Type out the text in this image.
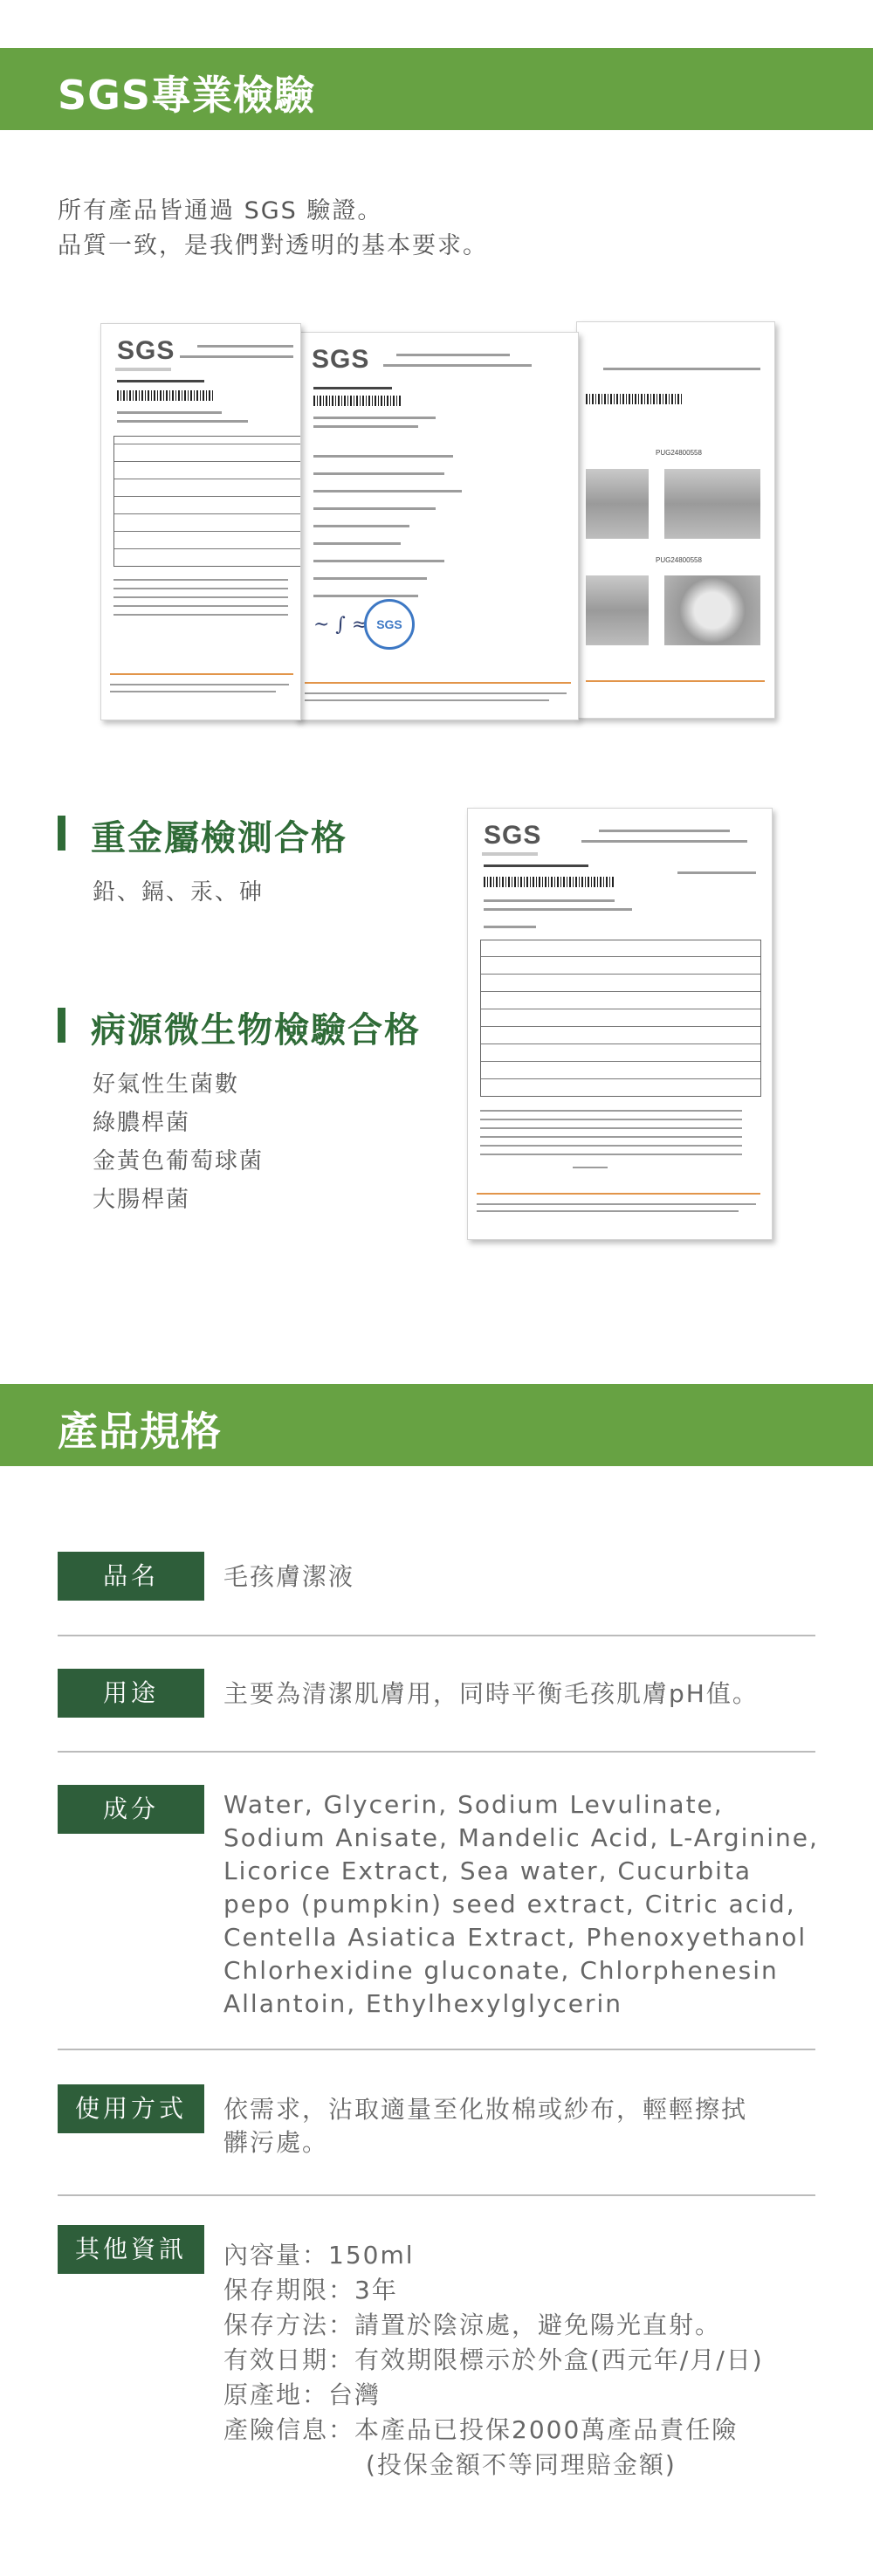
SGS專業檢驗
所有產品皆通過 SGS 驗證。
品質一致，是我們對透明的基本要求。
PUG24800558
PUG24800558
SGS
~ ∫ ≈ SGS
SGS
重金屬檢測合格
鉛、鎘、汞、砷
病源微生物檢驗合格
好氣性生菌數
綠膿桿菌
金黃色葡萄球菌
大腸桿菌
SGS
產品規格
品名	毛孩膚潔液
用途	主要為清潔肌膚用，同時平衡毛孩肌膚pH值。
成分	Water, Glycerin, Sodium Levulinate,
Sodium Anisate, Mandelic Acid, L-Arginine,
Licorice Extract, Sea water, Cucurbita
pepo (pumpkin) seed extract, Citric acid,
Centella Asiatica Extract, Phenoxyethanol
Chlorhexidine gluconate, Chlorphenesin
Allantoin, Ethylhexylglycerin
使用方式	依需求，沾取適量至化妝棉或紗布，輕輕擦拭
髒污處。
其他資訊	內容量：150ml
保存期限：3年
保存方法：請置於陰涼處，避免陽光直射。
有效日期：有效期限標示於外盒(西元年/月/日)
原產地：台灣
產險信息：本產品已投保2000萬產品責任險
(投保金額不等同理賠金額)
